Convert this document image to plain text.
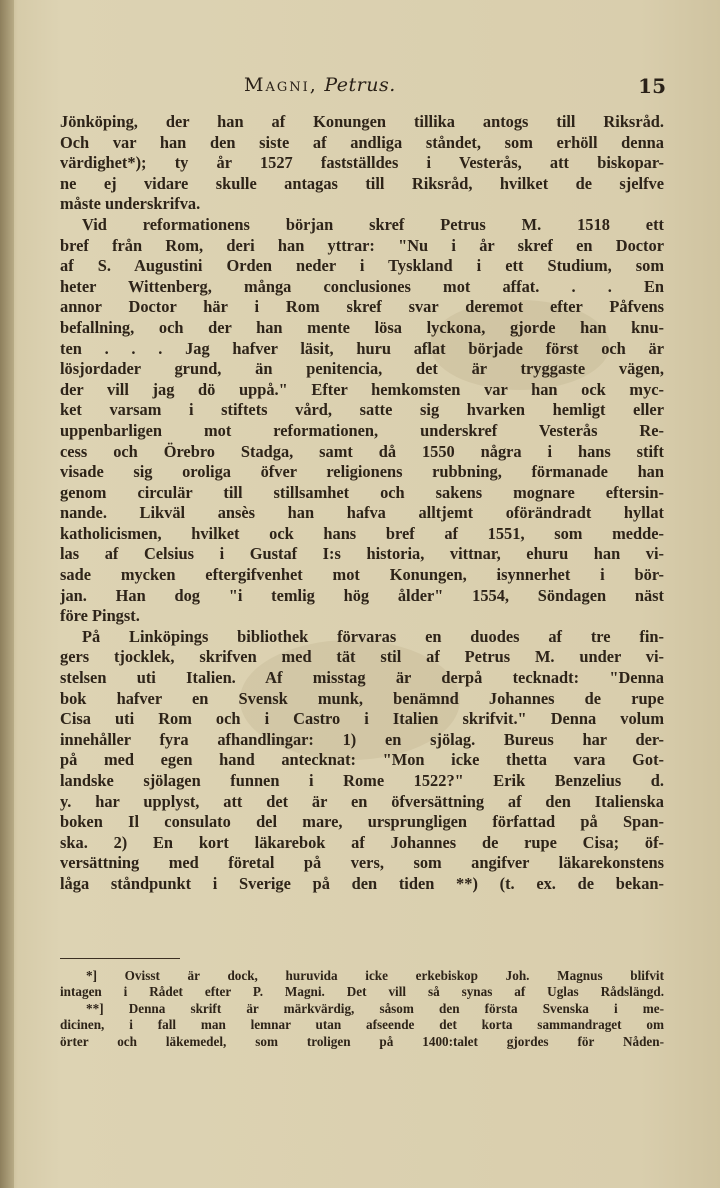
Magni, Petrus.	15
Jönköping, der han af Konungen tillika antogs till Riksråd.
Och var han den siste af andliga ståndet, som erhöll denna
värdighet*); ty år 1527 fastställdes i Vesterås, att biskopar-
ne ej vidare skulle antagas till Riksråd, hvilket de sjelfve
måste underskrifva.
Vid reformationens början skref Petrus M. 1518 ett
bref från Rom, deri han yttrar: "Nu i år skref en Doctor
af S. Augustini Orden neder i Tyskland i ett Studium, som
heter Wittenberg, många conclusiones mot affat. . . En
annor Doctor här i Rom skref svar deremot efter Påfvens
befallning, och der han mente lösa lyckona, gjorde han knu-
ten . . . Jag hafver läsit, huru aflat började först och är
lösjordader grund, än penitencia, det är tryggaste vägen,
der vill jag dö uppå." Efter hemkomsten var han ock myc-
ket varsam i stiftets vård, satte sig hvarken hemligt eller
uppenbarligen mot reformationen, underskref Vesterås Re-
cess och Örebro Stadga, samt då 1550 några i hans stift
visade sig oroliga öfver religionens rubbning, förmanade han
genom circulär till stillsamhet och sakens mognare eftersin-
nande. Likväl ansès han hafva alltjemt oförändradt hyllat
katholicismen, hvilket ock hans bref af 1551, som medde-
las af Celsius i Gustaf I:s historia, vittnar, ehuru han vi-
sade mycken eftergifvenhet mot Konungen, isynnerhet i bör-
jan. Han dog "i temlig hög ålder" 1554, Söndagen näst
före Pingst.
På Linköpings bibliothek förvaras en duodes af tre fin-
gers tjocklek, skrifven med tät stil af Petrus M. under vi-
stelsen uti Italien. Af misstag är derpå tecknadt: "Denna
bok hafver en Svensk munk, benämnd Johannes de rupe
Cisa uti Rom och i Castro i Italien skrifvit." Denna volum
innehåller fyra afhandlingar: 1) en sjölag. Bureus har der-
på med egen hand antecknat: "Mon icke thetta vara Got-
landske sjölagen funnen i Rome 1522?" Erik Benzelius d.
y. har upplyst, att det är en öfversättning af den Italienska
boken Il consulato del mare, ursprungligen författad på Span-
ska. 2) En kort läkarebok af Johannes de rupe Cisa; öf-
versättning med företal på vers, som angifver läkarekonstens
låga ståndpunkt i Sverige på den tiden **) (t. ex. de bekan-
*] Ovisst är dock, huruvida icke erkebiskop Joh. Magnus blifvit
intagen i Rådet efter P. Magni. Det vill så synas af Uglas Rådslängd.
**] Denna skrift är märkvärdig, såsom den första Svenska i me-
dicinen, i fall man lemnar utan afseende det korta sammandraget om
örter och läkemedel, som troligen på 1400:talet gjordes för Nåden-
